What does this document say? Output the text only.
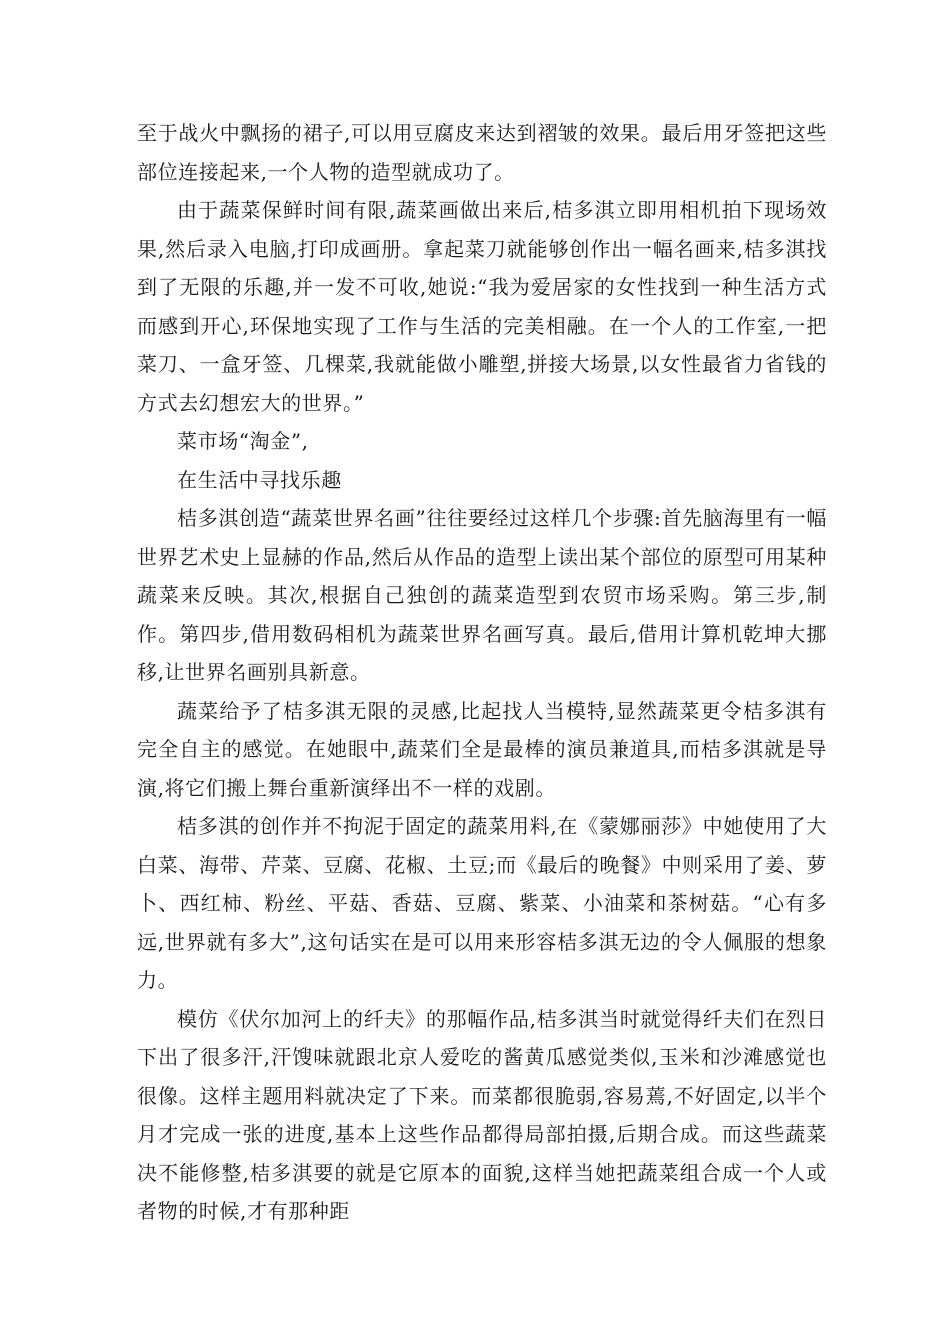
至于战火中飘扬的裙子,可以用豆腐皮来达到褶皱的效果。最后用牙签把这些部位连接起来,一个人物的造型就成功了。

由于蔬菜保鲜时间有限,蔬菜画做出来后,桔多淇立即用相机拍下现场效果,然后录入电脑,打印成画册。拿起菜刀就能够创作出一幅名画来,桔多淇找到了无限的乐趣,并一发不可收,她说:“我为爱居家的女性找到一种生活方式而感到开心,环保地实现了工作与生活的完美相融。在一个人的工作室,一把菜刀、一盒牙签、几棵菜,我就能做小雕塑,拼接大场景,以女性最省力省钱的方式去幻想宏大的世界。”

菜市场“淘金”,

在生活中寻找乐趣

桔多淇创造“蔬菜世界名画”往往要经过这样几个步骤:首先脑海里有一幅世界艺术史上显赫的作品,然后从作品的造型上读出某个部位的原型可用某种蔬菜来反映。其次,根据自己独创的蔬菜造型到农贸市场采购。第三步,制作。第四步,借用数码相机为蔬菜世界名画写真。最后,借用计算机乾坤大挪移,让世界名画别具新意。

蔬菜给予了桔多淇无限的灵感,比起找人当模特,显然蔬菜更令桔多淇有完全自主的感觉。在她眼中,蔬菜们全是最棒的演员兼道具,而桔多淇就是导演,将它们搬上舞台重新演绎出不一样的戏剧。

桔多淇的创作并不拘泥于固定的蔬菜用料,在《蒙娜丽莎》中她使用了大白菜、海带、芹菜、豆腐、花椒、土豆;而《最后的晚餐》中则采用了姜、萝卜、西红柿、粉丝、平菇、香菇、豆腐、紫菜、小油菜和茶树菇。“心有多远,世界就有多大”,这句话实在是可以用来形容桔多淇无边的令人佩服的想象力。

模仿《伏尔加河上的纤夫》的那幅作品,桔多淇当时就觉得纤夫们在烈日下出了很多汗,汗馊味就跟北京人爱吃的酱黄瓜感觉类似,玉米和沙滩感觉也很像。这样主题用料就决定了下来。而菜都很脆弱,容易蔫,不好固定,以半个月才完成一张的进度,基本上这些作品都得局部拍摄,后期合成。而这些蔬菜决不能修整,桔多淇要的就是它原本的面貌,这样当她把蔬菜组合成一个人或者物的时候,才有那种距
